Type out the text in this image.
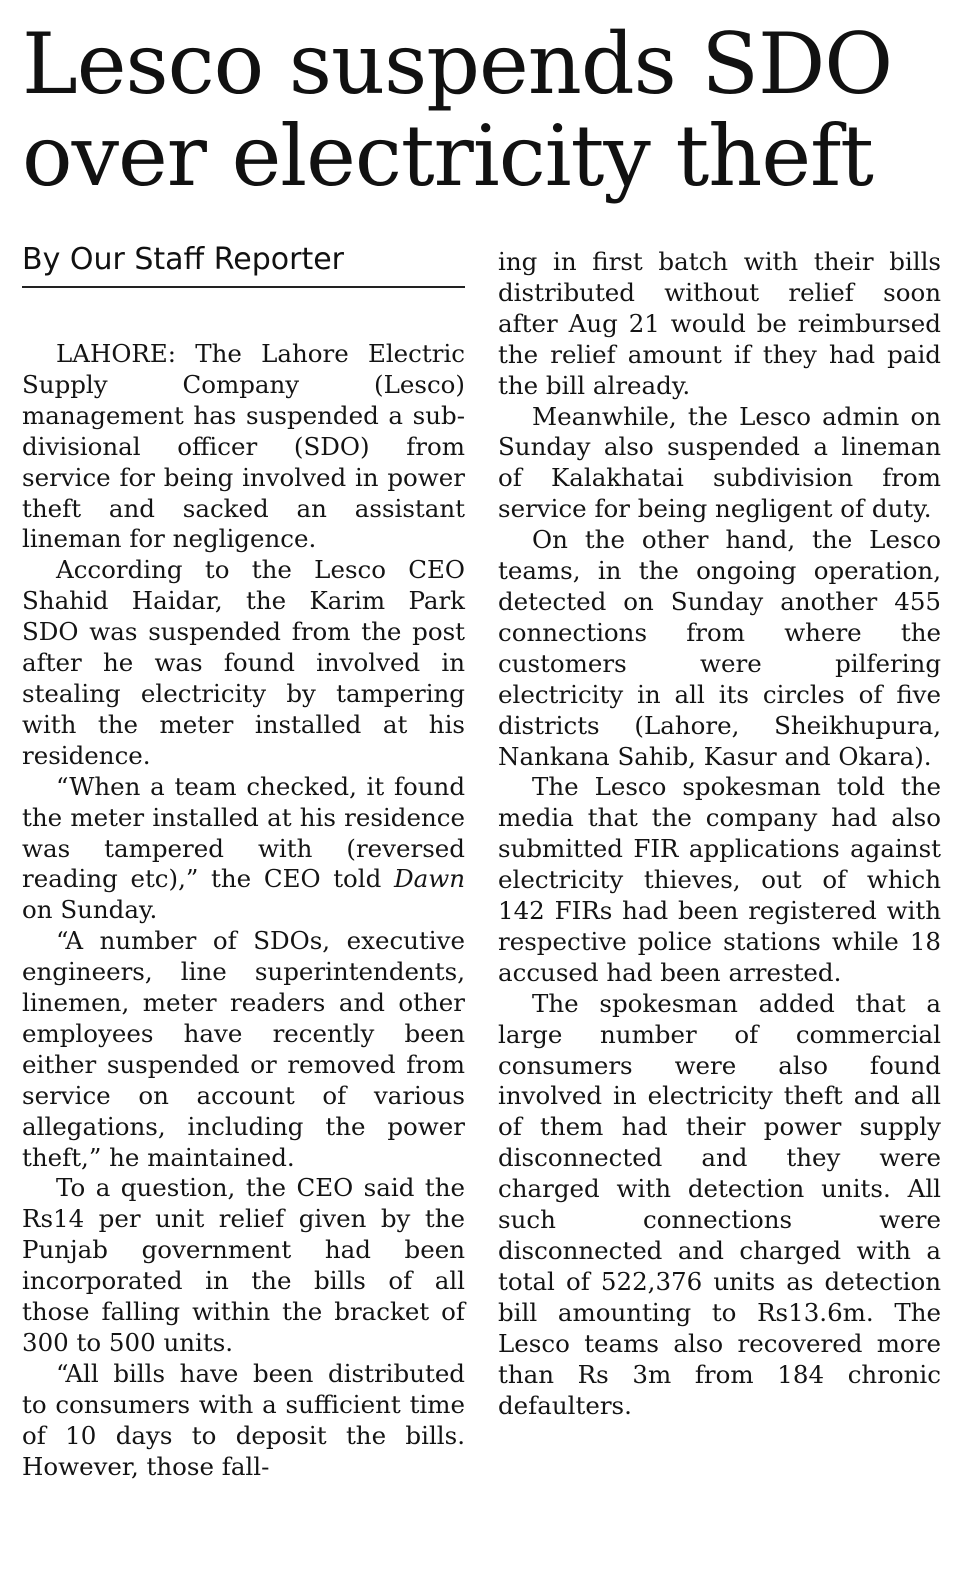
Lesco suspends SDO over electricity theft
By Our Staff Reporter

LAHORE: The Lahore Electric Supply Company (Lesco) management has suspended a sub-divisional officer (SDO) from service for being involved in power theft and sacked an assistant lineman for negligence.

According to the Lesco CEO Shahid Haidar, the Karim Park SDO was suspended from the post after he was found involved in stealing electricity by tampering with the meter installed at his residence.

“When a team checked, it found the meter installed at his residence was tampered with (reversed reading etc),” the CEO told Dawn on Sunday.

“A number of SDOs, executive engineers, line superintendents, linemen, meter readers and other employees have recently been either suspended or removed from service on account of various allegations, including the power theft,” he maintained.

To a question, the CEO said the Rs14 per unit relief given by the Punjab government had been incorporated in the bills of all those falling within the bracket of 300 to 500 units.

“All bills have been distributed to consumers with a sufficient time of 10 days to deposit the bills. However, those fall-

ing in first batch with their bills distributed without relief soon after Aug 21 would be reimbursed the relief amount if they had paid the bill already.

Meanwhile, the Lesco admin on Sunday also suspended a lineman of Kalakhatai subdivision from service for being negligent of duty.

On the other hand, the Lesco teams, in the ongoing operation, detected on Sunday another 455 connections from where the customers were pilfering electricity in all its circles of five districts (Lahore, Sheikhupura, Nankana Sahib, Kasur and Okara).

The Lesco spokesman told the media that the company had also submitted FIR applications against electricity thieves, out of which 142 FIRs had been registered with respective police stations while 18 accused had been arrested.

The spokesman added that a large number of commercial consumers were also found involved in electricity theft and all of them had their power supply disconnected and they were charged with detection units. All such connections were disconnected and charged with a total of 522,376 units as detection bill amounting to Rs13.6m. The Lesco teams also recovered more than Rs 3m from 184 chronic defaulters.
